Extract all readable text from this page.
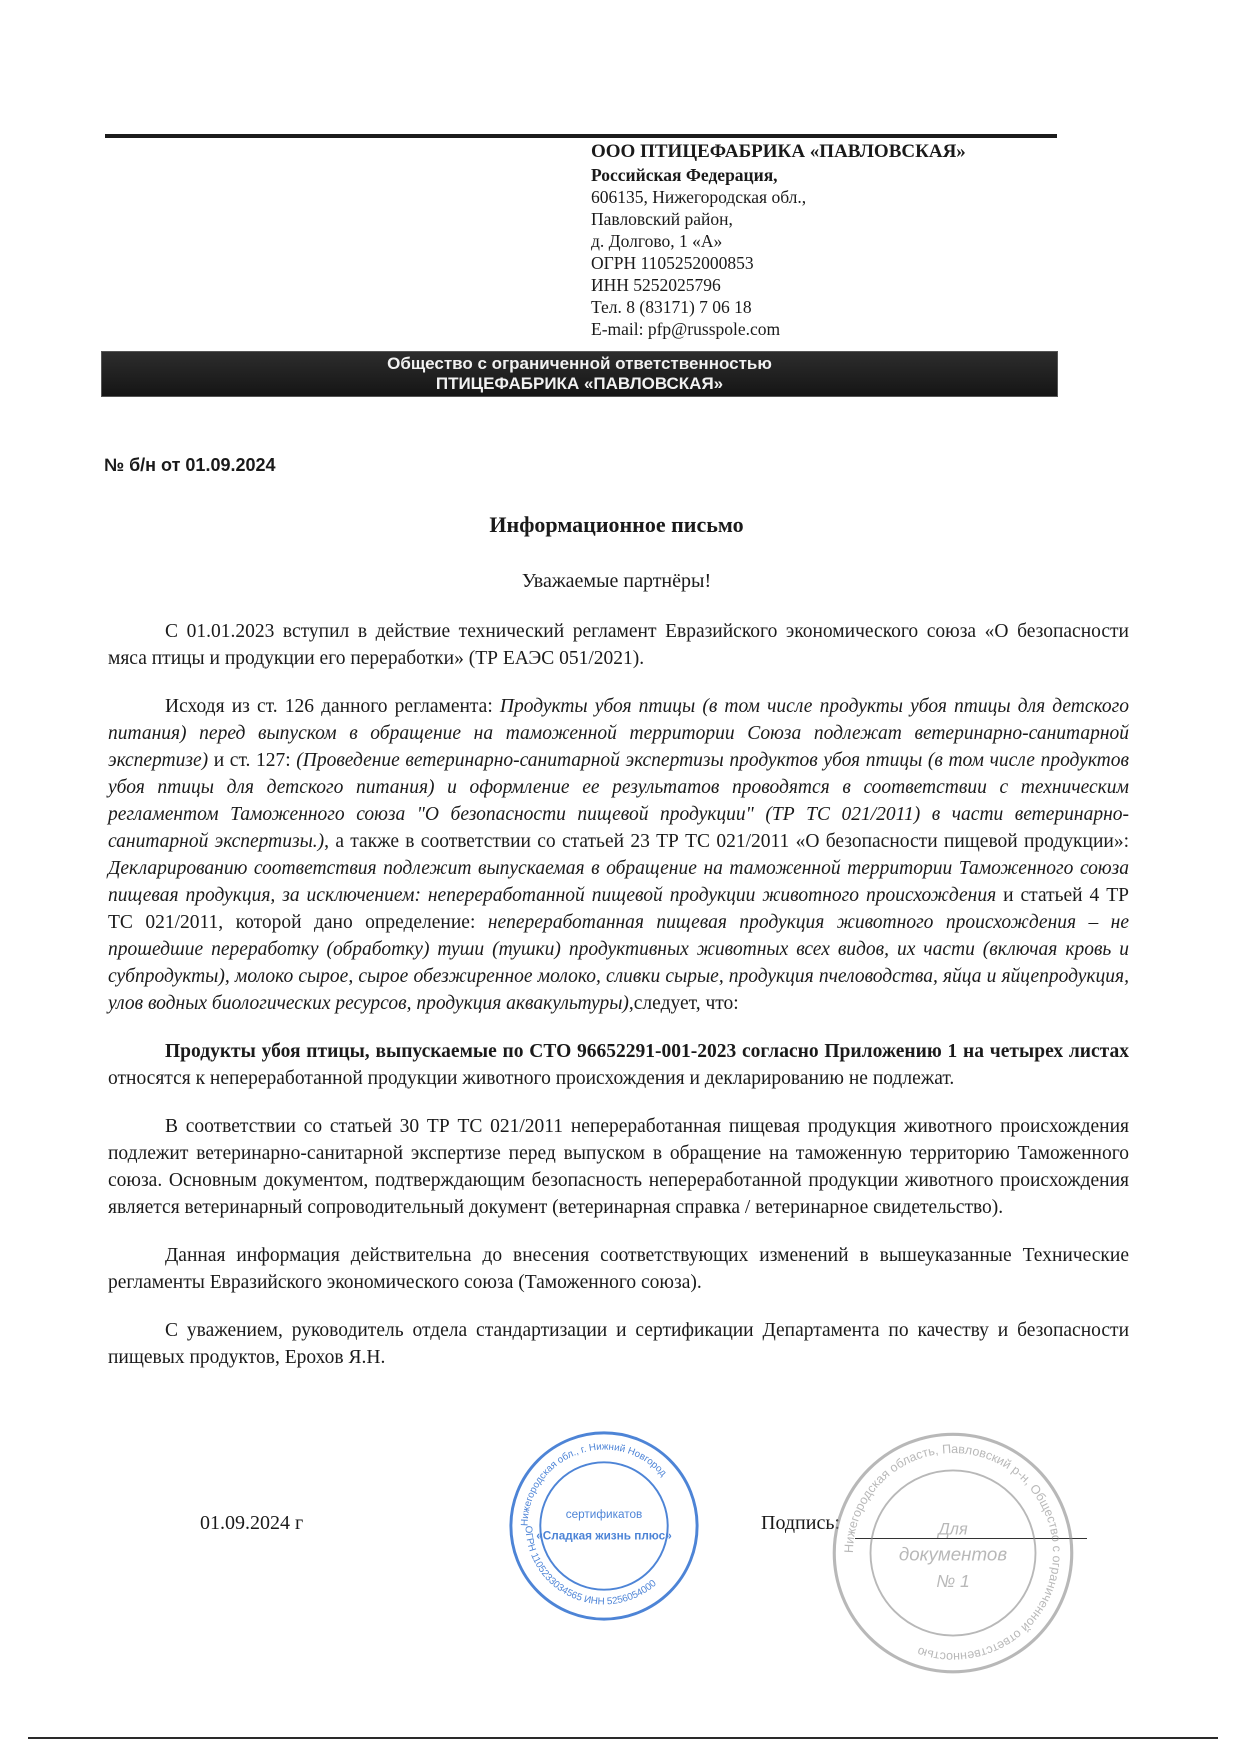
ООО ПТИЦЕФАБРИКА «ПАВЛОВСКАЯ»
Российская Федерация,
606135, Нижегородская обл.,
Павловский район,
д. Долгово, 1 «А»
ОГРН 1105252000853
ИНН 5252025796
Тел. 8 (83171) 7 06 18
E-mail: pfp@russpole.com
Общество с ограниченной ответственностью
ПТИЦЕФАБРИКА «ПАВЛОВСКАЯ»
№ б/н от 01.09.2024
Информационное письмо
Уважаемые партнёры!

С 01.01.2023 вступил в действие технический регламент Евразийского экономического союза «О безопасности мяса птицы и продукции его переработки» (ТР ЕАЭС 051/2021).

Исходя из ст. 126 данного регламента: Продукты убоя птицы (в том числе продукты убоя птицы для детского питания) перед выпуском в обращение на таможенной территории Союза подлежат ветеринарно-санитарной экспертизе) и ст. 127: (Проведение ветеринарно-санитарной экспертизы продуктов убоя птицы (в том числе продуктов убоя птицы для детского питания) и оформление ее результатов проводятся в соответствии с техническим регламентом Таможенного союза "О безопасности пищевой продукции" (ТР ТС 021/2011) в части ветеринарно-санитарной экспертизы.), а также в соответствии со статьей 23 ТР ТС 021/2011 «О безопасности пищевой продукции»: Декларированию соответствия подлежит выпускаемая в обращение на таможенной территории Таможенного союза пищевая продукция, за исключением: непереработанной пищевой продукции животного происхождения и статьей 4 ТР ТС 021/2011, которой дано определение: непереработанная пищевая продукция животного происхождения – не прошедшие переработку (обработку) туши (тушки) продуктивных животных всех видов, их части (включая кровь и субпродукты), молоко сырое, сырое обезжиренное молоко, сливки сырые, продукция пчеловодства, яйца и яйцепродукция, улов водных биологических ресурсов, продукция аквакультуры),следует, что:

Продукты убоя птицы, выпускаемые по СТО 96652291-001-2023 согласно Приложению 1 на четырех листах относятся к непереработанной продукции животного происхождения и декларированию не подлежат.

В соответствии со статьей 30 ТР ТС 021/2011 непереработанная пищевая продукция животного происхождения подлежит ветеринарно-санитарной экспертизе перед выпуском в обращение на таможенную территорию Таможенного союза. Основным документом, подтверждающим безопасность непереработанной продукции животного происхождения является ветеринарный сопроводительный документ (ветеринарная справка / ветеринарное свидетельство).

Данная информация действительна до внесения соответствующих изменений в вышеуказанные Технические регламенты Евразийского экономического союза (Таможенного союза).

С уважением, руководитель отдела стандартизации и сертификации Департамента по качеству и безопасности пищевых продуктов, Ерохов Я.Н.

01.09.2024 г	Подпись:
Нижегородская обл., г. Нижний Новгород
ОГРН 1105233034565 ИНН 5256054000
сертификатов
«Сладкая жизнь плюс»
Нижегородская область, Павловский р-н, Общество с ограниченной ответственностью
Для
документов
№ 1
